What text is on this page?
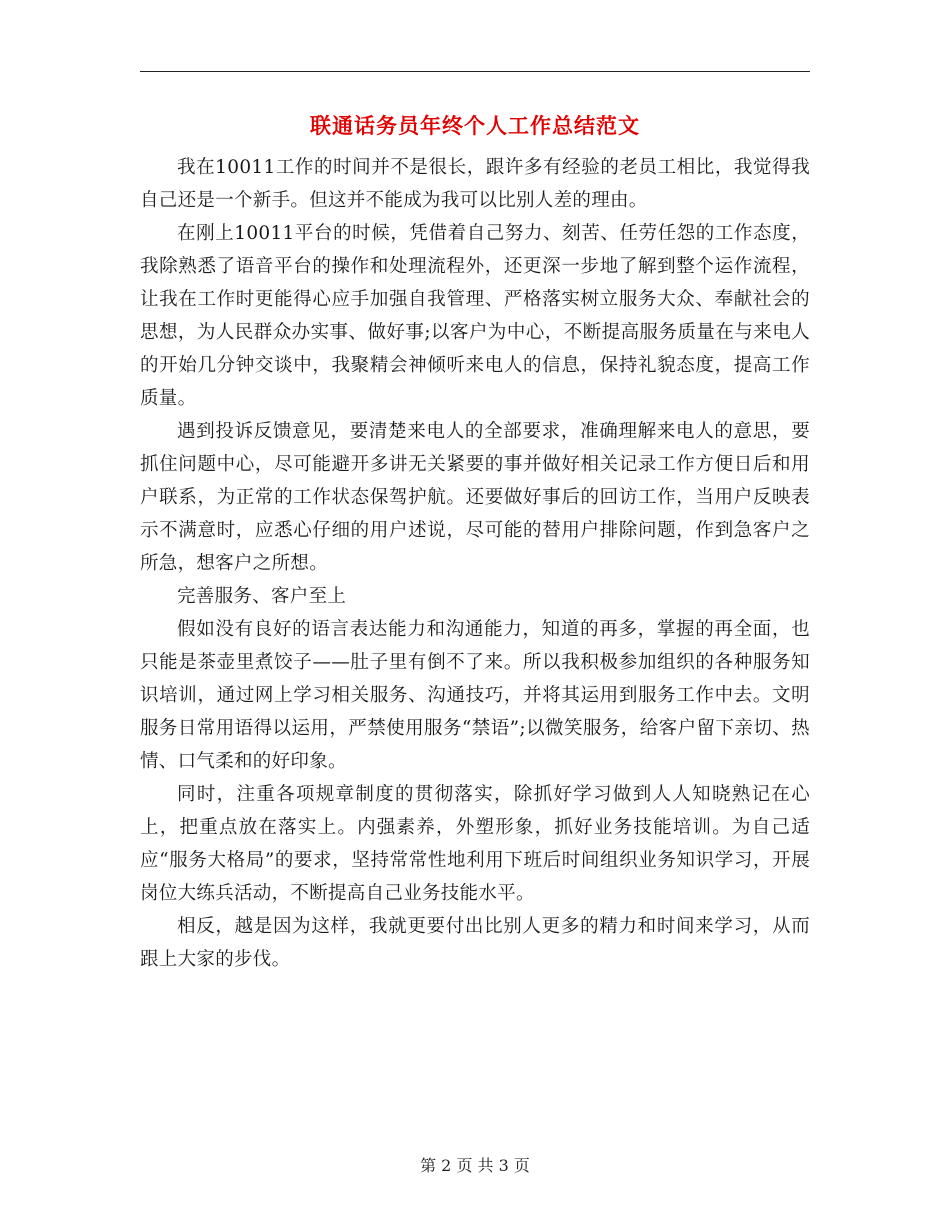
联通话务员年终个人工作总结范文

我在10011工作的时间并不是很长，跟许多有经验的老员工相比，我觉得我自己还是一个新手。但这并不能成为我可以比别人差的理由。

在刚上10011平台的时候，凭借着自己努力、刻苦、任劳任怨的工作态度，我除熟悉了语音平台的操作和处理流程外，还更深一步地了解到整个运作流程，让我在工作时更能得心应手加强自我管理、严格落实树立服务大众、奉献社会的思想，为人民群众办实事、做好事;以客户为中心，不断提高服务质量在与来电人的开始几分钟交谈中，我聚精会神倾听来电人的信息，保持礼貌态度，提高工作质量。

遇到投诉反馈意见，要清楚来电人的全部要求，准确理解来电人的意思，要抓住问题中心，尽可能避开多讲无关紧要的事并做好相关记录工作方便日后和用户联系，为正常的工作状态保驾护航。还要做好事后的回访工作，当用户反映表示不满意时，应悉心仔细的用户述说，尽可能的替用户排除问题，作到急客户之所急，想客户之所想。

完善服务、客户至上

假如没有良好的语言表达能力和沟通能力，知道的再多，掌握的再全面，也只能是茶壶里煮饺子——肚子里有倒不了来。所以我积极参加组织的各种服务知识培训，通过网上学习相关服务、沟通技巧，并将其运用到服务工作中去。文明服务日常用语得以运用，严禁使用服务“禁语”;以微笑服务，给客户留下亲切、热情、口气柔和的好印象。

同时，注重各项规章制度的贯彻落实，除抓好学习做到人人知晓熟记在心上，把重点放在落实上。内强素养，外塑形象，抓好业务技能培训。为自己适应“服务大格局”的要求，坚持常常性地利用下班后时间组织业务知识学习，开展岗位大练兵活动，不断提高自己业务技能水平。

相反，越是因为这样，我就更要付出比别人更多的精力和时间来学习，从而跟上大家的步伐。

第 2 页 共 3 页
